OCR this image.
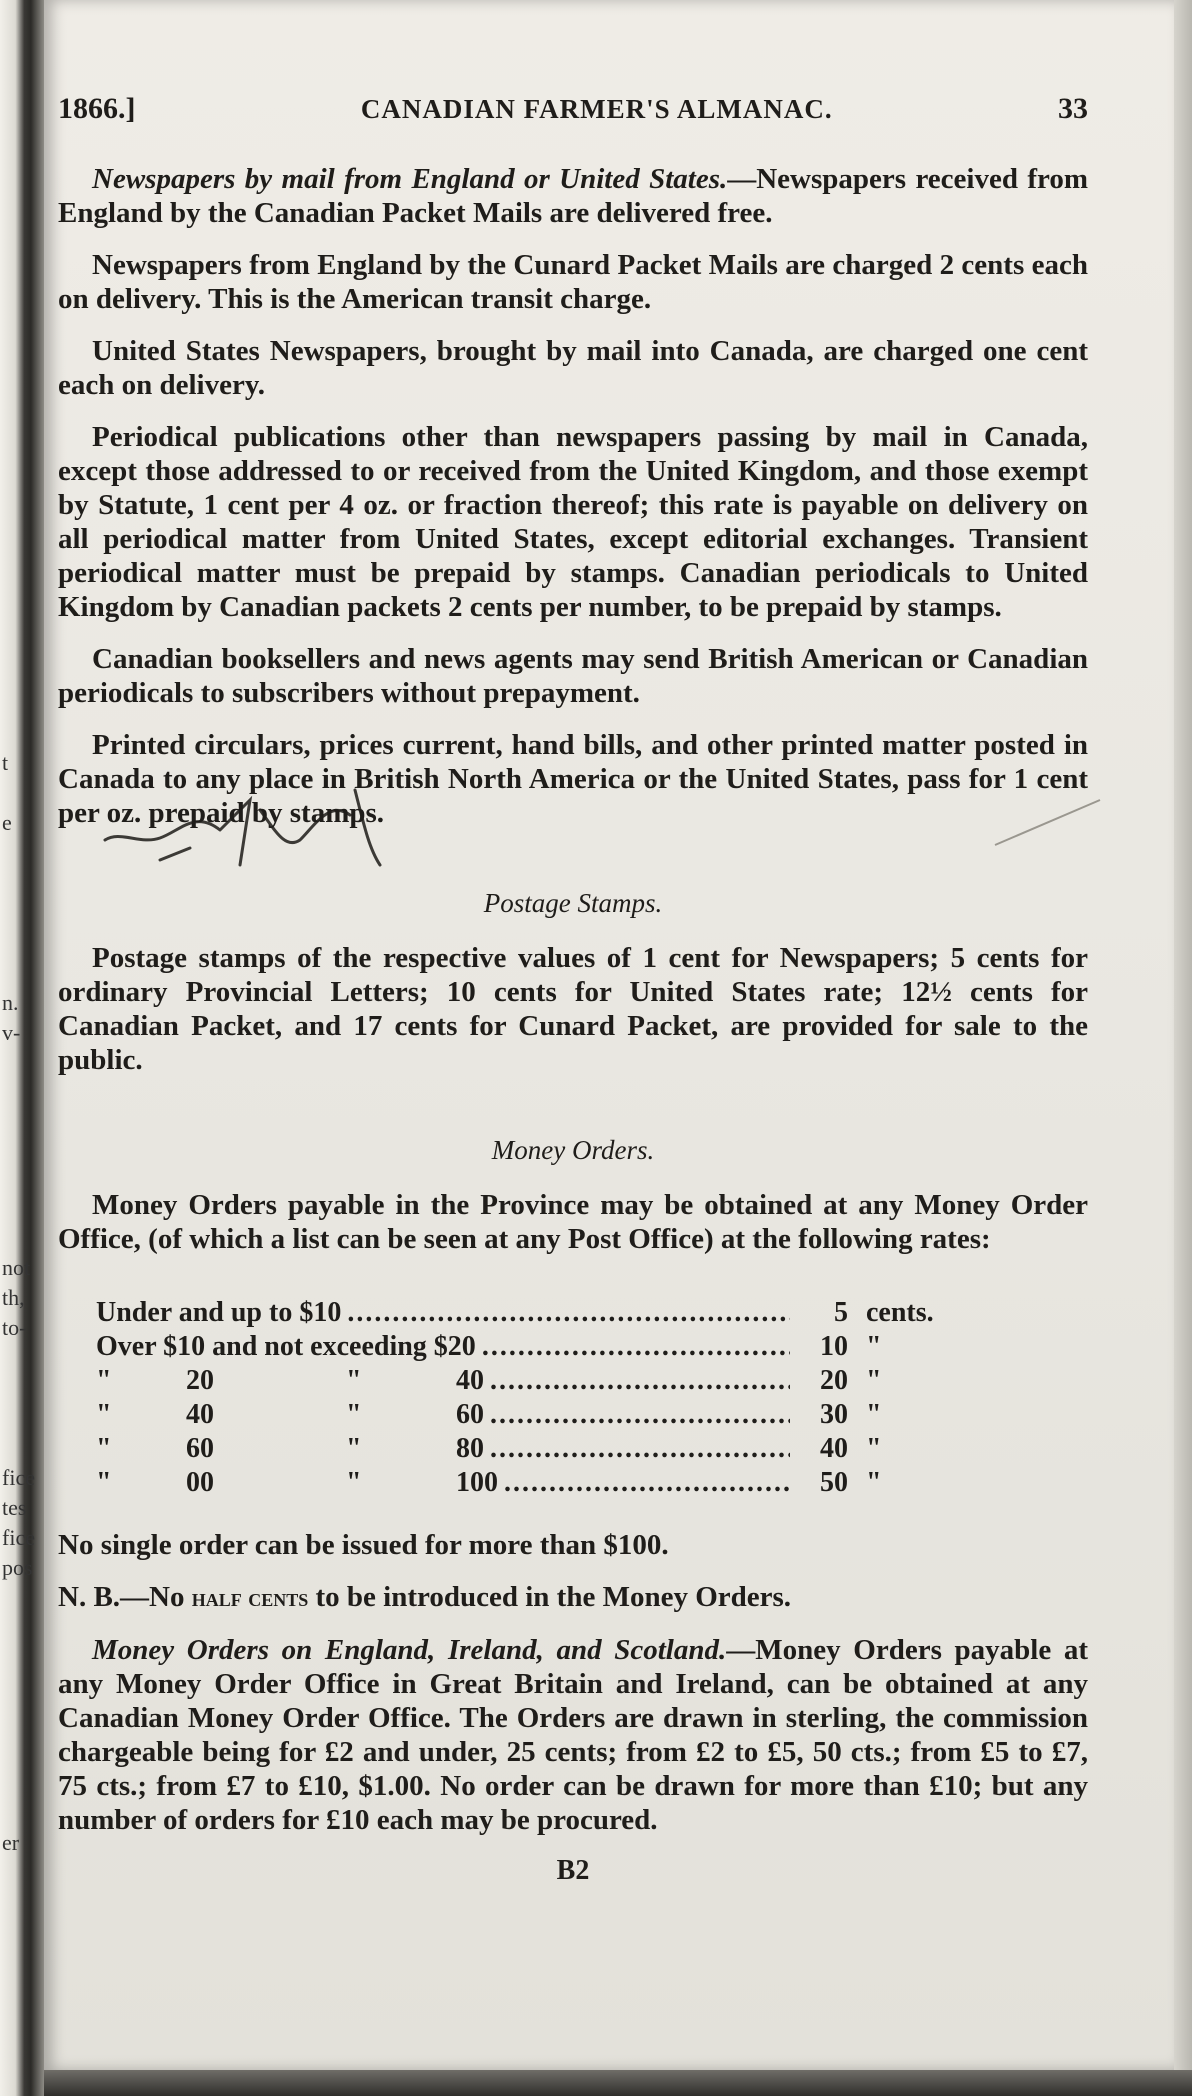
t
e
n.
v-
not
th,
to-
fice
tes
fice
pos
er
1866.]	CANADIAN FARMER'S ALMANAC.	33

Newspapers by mail from England or United States.—Newspapers received from England by the Canadian Packet Mails are delivered free.

Newspapers from England by the Cunard Packet Mails are charged 2 cents each on delivery. This is the American transit charge.

United States Newspapers, brought by mail into Canada, are charged one cent each on delivery.

Periodical publications other than newspapers passing by mail in Canada, except those addressed to or received from the United Kingdom, and those exempt by Statute, 1 cent per 4 oz. or fraction thereof; this rate is payable on delivery on all periodical matter from United States, except editorial exchanges. Transient periodical matter must be prepaid by stamps. Canadian periodicals to United Kingdom by Canadian packets 2 cents per number, to be prepaid by stamps.

Canadian booksellers and news agents may send British American or Canadian periodicals to subscribers without prepayment.

Printed circulars, prices current, hand bills, and other printed matter posted in Canada to any place in British North America or the United States, pass for 1 cent per oz. prepaid by stamps.

Postage Stamps.

Postage stamps of the respective values of 1 cent for Newspapers; 5 cents for ordinary Provincial Letters; 10 cents for United States rate; 12½ cents for Canadian Packet, and 17 cents for Cunard Packet, are provided for sale to the public.

Money Orders.

Money Orders payable in the Province may be obtained at any Money Order Office, (of which a list can be seen at any Post Office) at the following rates:

Under and up to $10 .....	5 cents.
Over $10 and not exceeding $20 .....	10 "
"	20	"	40 .....	20 "
"	40	"	60 .....	30 "
"	60	"	80 .....	40 "
"	00	"	100 .....	50 "

No single order can be issued for more than $100.

N. B.—No half cents to be introduced in the Money Orders.

Money Orders on England, Ireland, and Scotland.—Money Orders payable at any Money Order Office in Great Britain and Ireland, can be obtained at any Canadian Money Order Office. The Orders are drawn in sterling, the commission chargeable being for £2 and under, 25 cents; from £2 to £5, 50 cts.; from £5 to £7, 75 cts.; from £7 to £10, $1.00. No order can be drawn for more than £10; but any number of orders for £10 each may be procured.

B2
